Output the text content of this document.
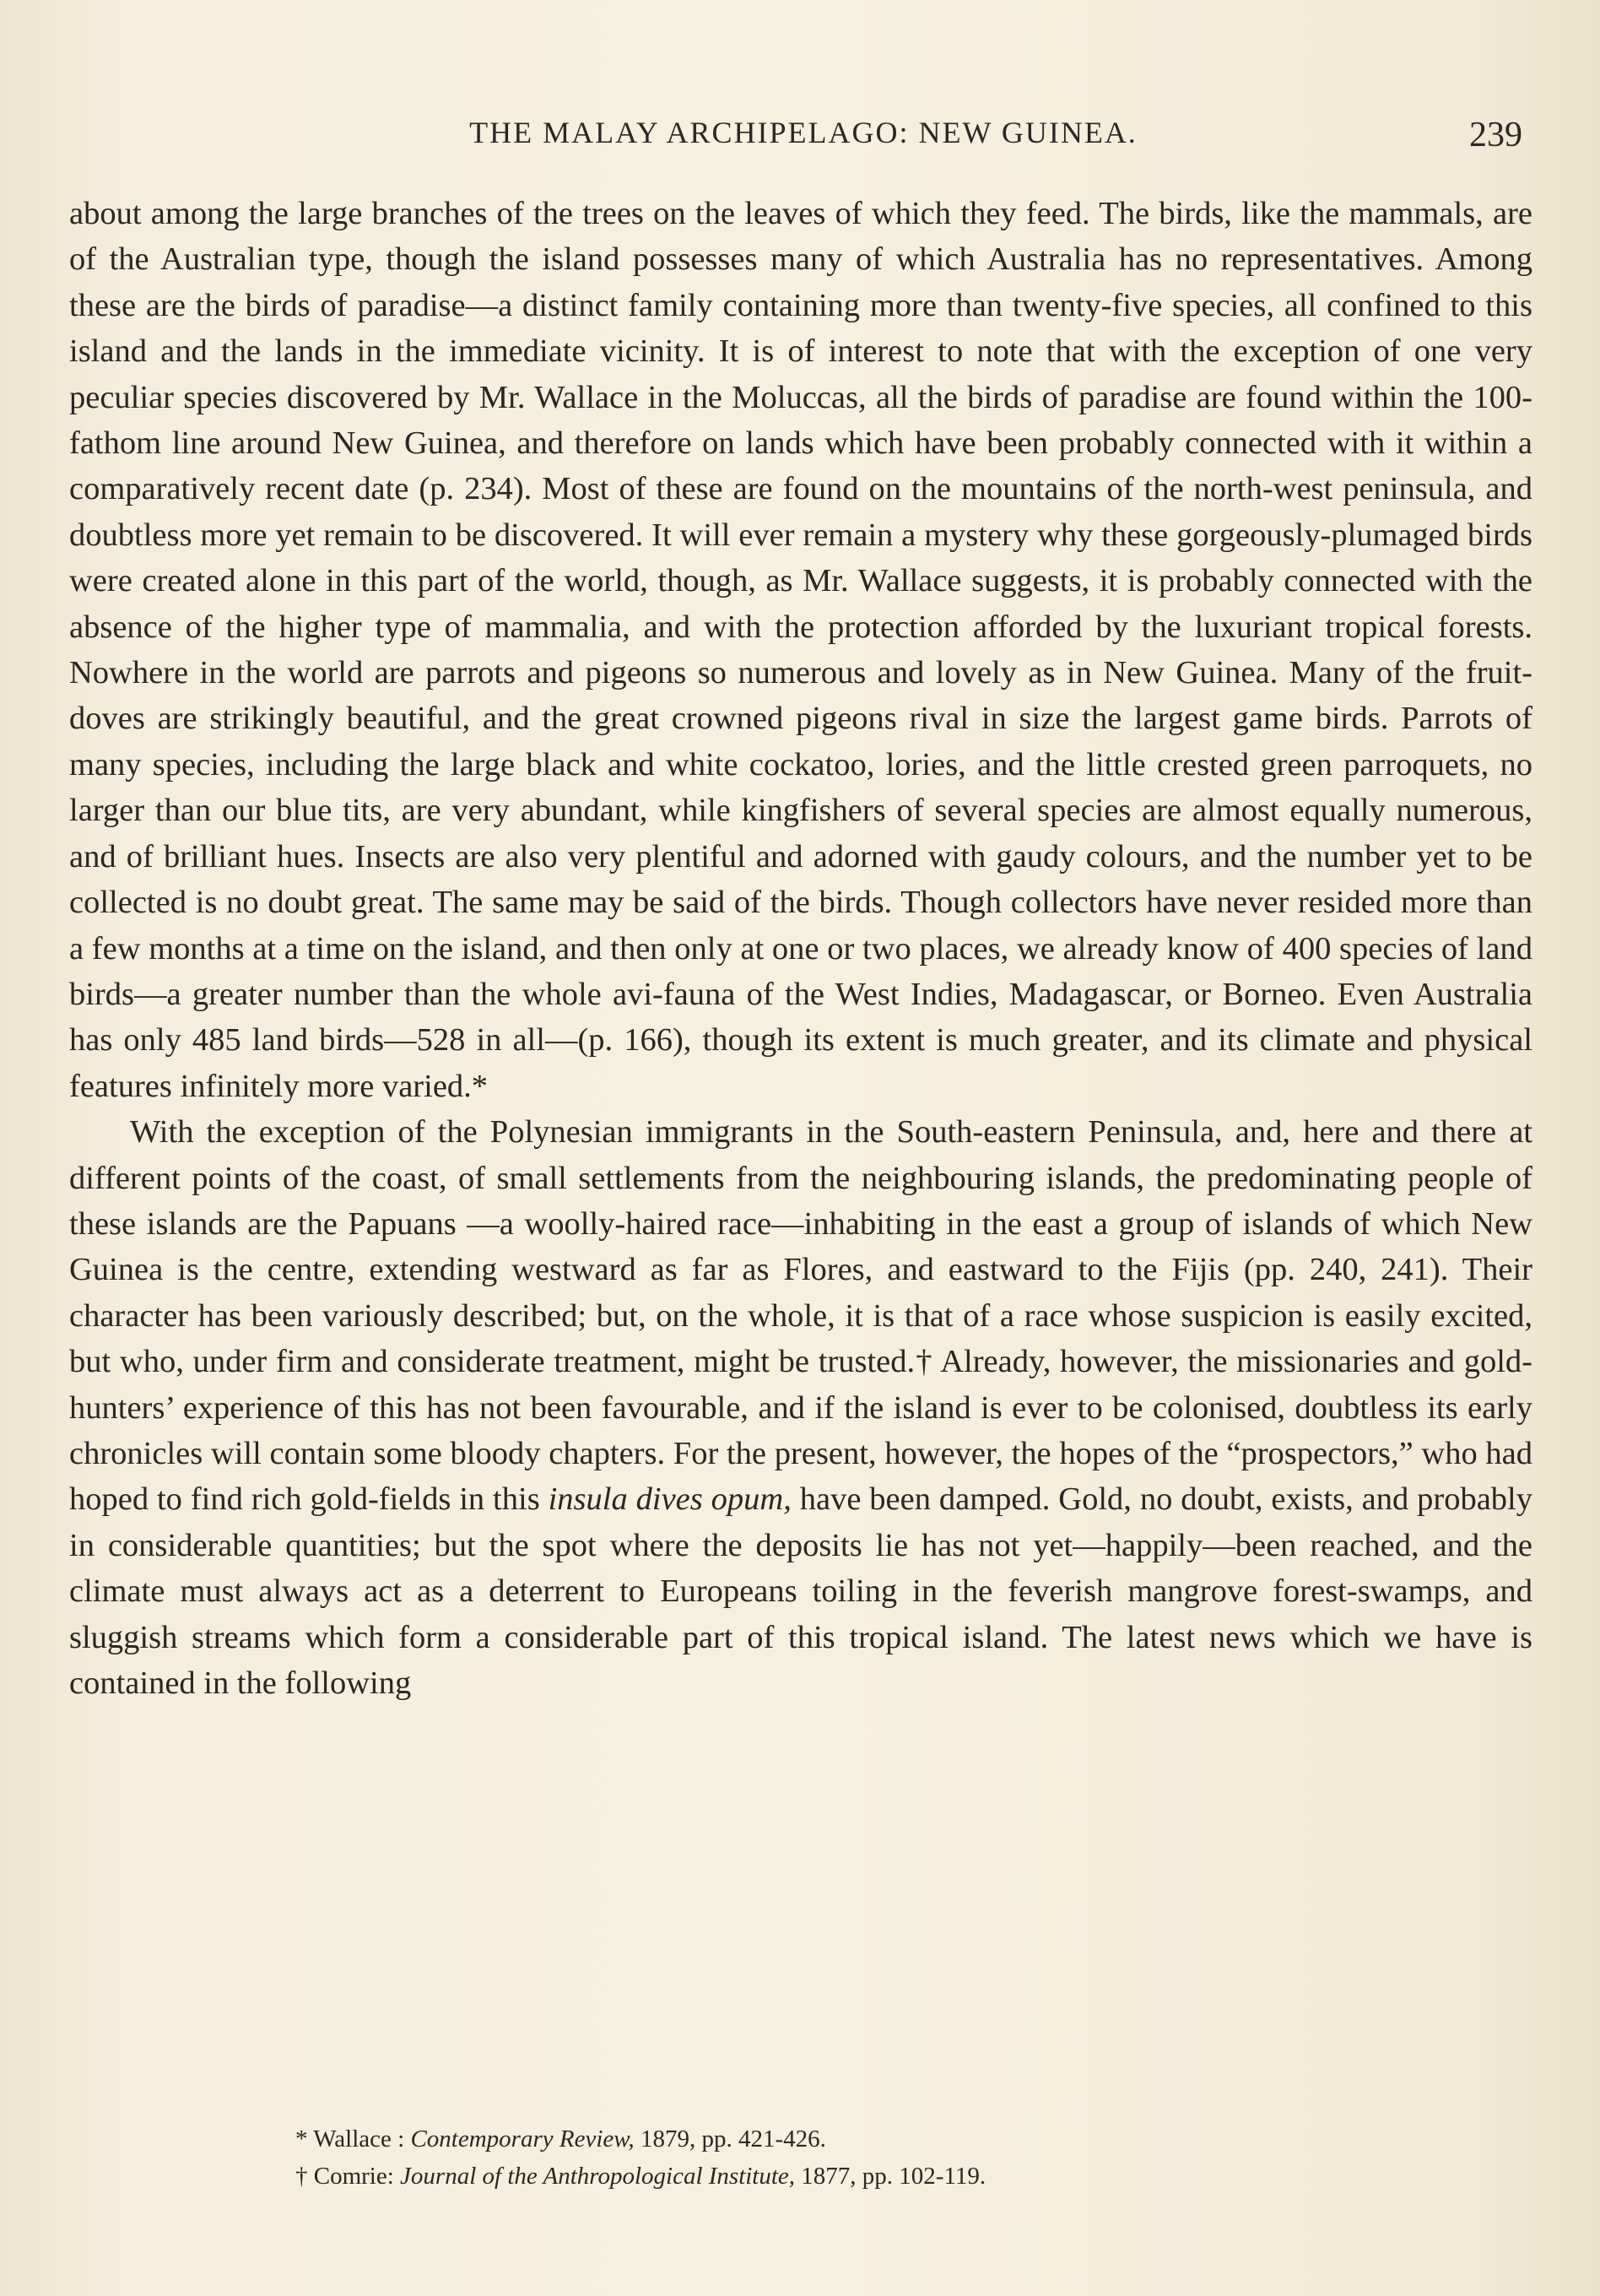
THE MALAY ARCHIPELAGO: NEW GUINEA.	239

about among the large branches of the trees on the leaves of which they feed. The birds, like the mammals, are of the Australian type, though the island possesses many of which Australia has no representatives. Among these are the birds of paradise—a distinct family containing more than twenty-five species, all confined to this island and the lands in the immediate vicinity. It is of interest to note that with the exception of one very peculiar species discovered by Mr. Wallace in the Moluccas, all the birds of paradise are found within the 100-fathom line around New Guinea, and therefore on lands which have been probably connected with it within a comparatively recent date (p. 234). Most of these are found on the mountains of the north-west peninsula, and doubtless more yet remain to be discovered. It will ever remain a mystery why these gorgeously-plumaged birds were created alone in this part of the world, though, as Mr. Wallace suggests, it is probably connected with the absence of the higher type of mammalia, and with the protection afforded by the luxuriant tropical forests. Nowhere in the world are parrots and pigeons so numerous and lovely as in New Guinea. Many of the fruit-doves are strikingly beautiful, and the great crowned pigeons rival in size the largest game birds. Parrots of many species, including the large black and white cockatoo, lories, and the little crested green parroquets, no larger than our blue tits, are very abundant, while kingfishers of several species are almost equally numerous, and of brilliant hues. Insects are also very plentiful and adorned with gaudy colours, and the number yet to be collected is no doubt great. The same may be said of the birds. Though collectors have never resided more than a few months at a time on the island, and then only at one or two places, we already know of 400 species of land birds—a greater number than the whole avi-fauna of the West Indies, Madagascar, or Borneo. Even Australia has only 485 land birds—528 in all—(p. 166), though its extent is much greater, and its climate and physical features infinitely more varied.*

With the exception of the Polynesian immigrants in the South-eastern Peninsula, and, here and there at different points of the coast, of small settlements from the neighbouring islands, the predominating people of these islands are the Papuans —a woolly-haired race—inhabiting in the east a group of islands of which New Guinea is the centre, extending westward as far as Flores, and eastward to the Fijis (pp. 240, 241). Their character has been variously described; but, on the whole, it is that of a race whose suspicion is easily excited, but who, under firm and considerate treatment, might be trusted.† Already, however, the missionaries and gold-hunters’ experience of this has not been favourable, and if the island is ever to be colonised, doubtless its early chronicles will contain some bloody chapters. For the present, however, the hopes of the “prospectors,” who had hoped to find rich gold-fields in this insula dives opum, have been damped. Gold, no doubt, exists, and probably in considerable quantities; but the spot where the deposits lie has not yet—happily—been reached, and the climate must always act as a deterrent to Europeans toiling in the feverish mangrove forest-swamps, and sluggish streams which form a considerable part of this tropical island. The latest news which we have is contained in the following

* Wallace : Contemporary Review, 1879, pp. 421-426.
† Comrie: Journal of the Anthropological Institute, 1877, pp. 102-119.
